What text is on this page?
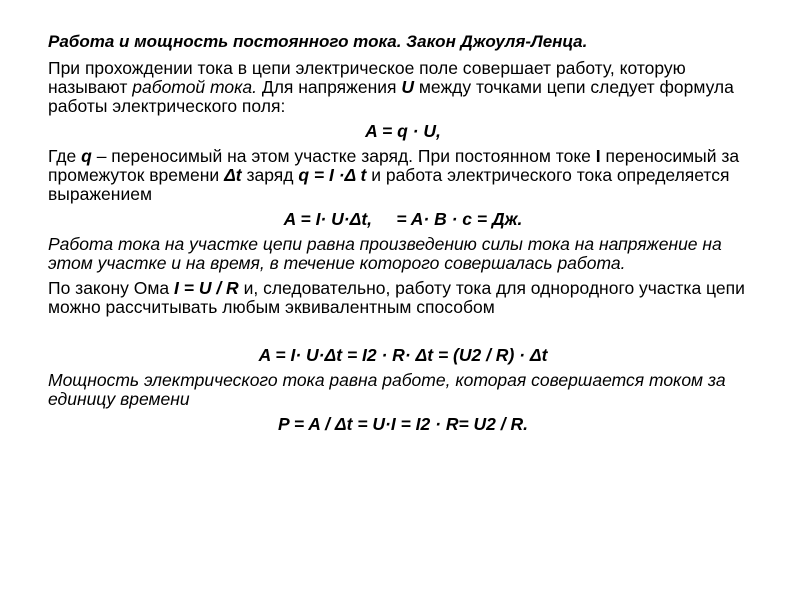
Работа и мощность постоянного тока. Закон Джоуля-Ленца.

При прохождении тока в цепи электрическое поле совершает работу, которую называют работой тока. Для напряжения U между точками цепи следует формула работы электрического поля:

A = q · U,

Где q – переносимый на этом участке заряд. При постоянном токе I переносимый за промежуток времени Δt заряд q = I ·Δ t и работа электрического тока определяется выражением

A = I· U·Δt,     = A· B · c = Дж.

Работа тока на участке цепи равна произведению силы тока на напряжение на этом участке и на время, в течение которого совершалась работа.

По закону Ома I = U / R и, следовательно, работу тока для однородного участка цепи можно рассчитывать любым эквивалентным способом

A = I· U·Δt = I2 · R· Δt = (U2 / R) · Δt

Мощность электрического тока равна работе, которая совершается током за единицу времени

P = A / Δt = U·I = I2 · R= U2 / R.
